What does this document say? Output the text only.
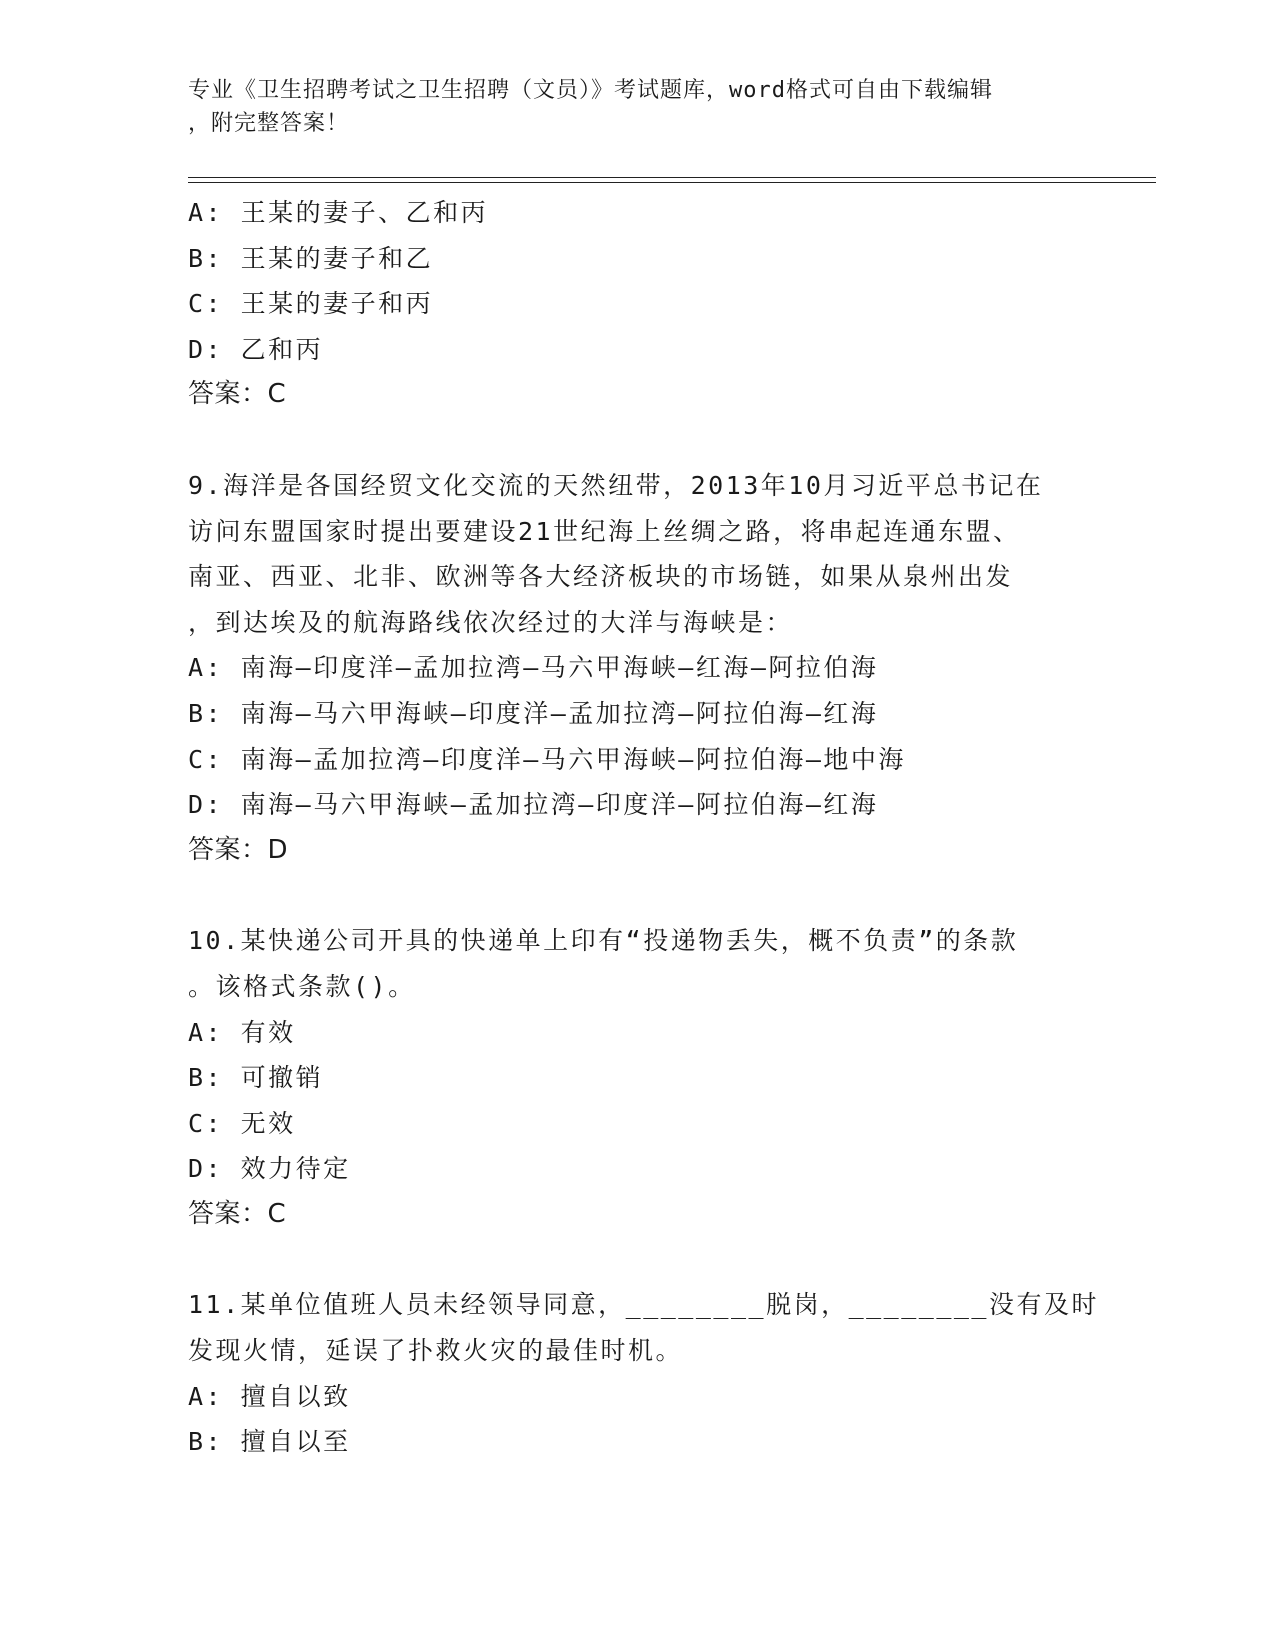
专业《卫生招聘考试之卫生招聘（文员）》考试题库，word格式可自由下载编辑
，附完整答案！
A: 王某的妻子、乙和丙
B: 王某的妻子和乙
C: 王某的妻子和丙
D: 乙和丙
答案：C
9.海洋是各国经贸文化交流的天然纽带，2013年10月习近平总书记在
访问东盟国家时提出要建设21世纪海上丝绸之路，将串起连通东盟、
南亚、西亚、北非、欧洲等各大经济板块的市场链，如果从泉州出发
，到达埃及的航海路线依次经过的大洋与海峡是：
A: 南海—印度洋—孟加拉湾—马六甲海峡—红海—阿拉伯海
B: 南海—马六甲海峡—印度洋—孟加拉湾—阿拉伯海—红海
C: 南海—孟加拉湾—印度洋—马六甲海峡—阿拉伯海—地中海
D: 南海—马六甲海峡—孟加拉湾—印度洋—阿拉伯海—红海
答案：D
10.某快递公司开具的快递单上印有“投递物丢失，概不负责”的条款
。该格式条款()。
A: 有效
B: 可撤销
C: 无效
D: 效力待定
答案：C
11.某单位值班人员未经领导同意，________脱岗，________没有及时
发现火情，延误了扑救火灾的最佳时机。
A: 擅自以致
B: 擅自以至
